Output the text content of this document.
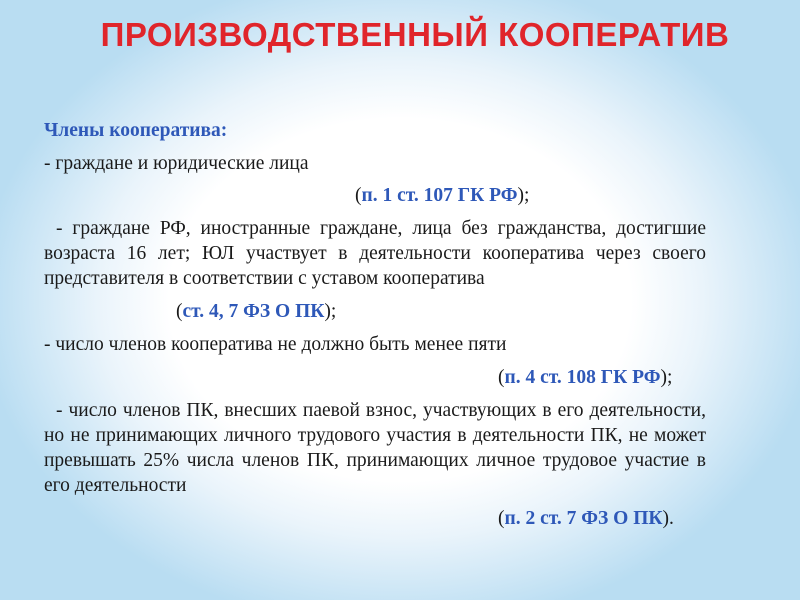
ПРОИЗВОДСТВЕННЫЙ КООПЕРАТИВ

Члены кооператива:

- граждане и юридические лица

(п. 1 ст. 107 ГК РФ);

- граждане РФ, иностранные граждане, лица без гражданства, достигшие возраста 16 лет; ЮЛ участвует в деятельности кооператива через своего представителя в соответствии с уставом кооператива

(ст. 4, 7 ФЗ О ПК);

- число членов кооператива не должно быть менее пяти

(п. 4 ст. 108 ГК РФ);

- число членов ПК, внесших паевой взнос, участвующих в его деятельности, но не принимающих личного трудового участия в деятельности ПК, не может превышать 25% числа членов ПК, принимающих личное трудовое участие в его деятельности

(п. 2 ст. 7 ФЗ О ПК).
